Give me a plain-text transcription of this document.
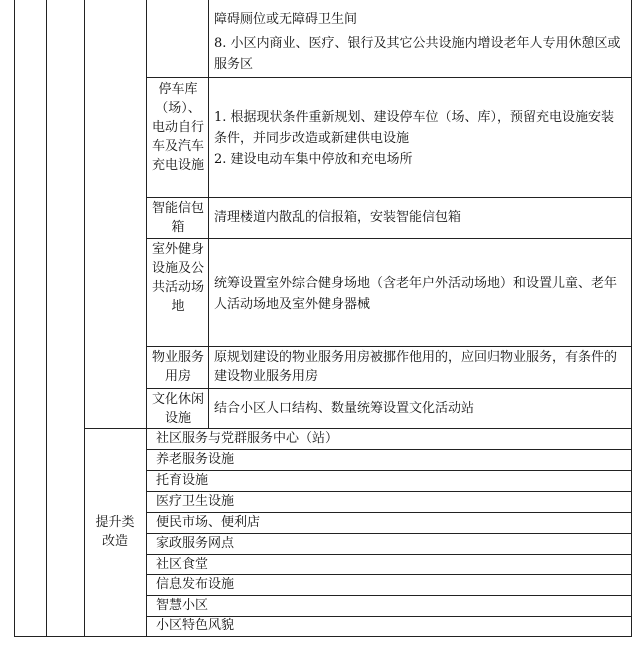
障碍厕位或无障碍卫生间
8. 小区内商业、医疗、银行及其它公共设施内增设老年人专用休憩区或服务区
停车库（场）、电动自行车及汽车充电设施
1. 根据现状条件重新规划、建设停车位（场、库），预留充电设施安装条件，并同步改造或新建供电设施
2. 建设电动车集中停放和充电场所
智能信包箱
清理楼道内散乱的信报箱，安装智能信包箱
室外健身设施及公共活动场地
统筹设置室外综合健身场地（含老年户外活动场地）和设置儿童、老年人活动场地及室外健身器械
物业服务用房
原规划建设的物业服务用房被挪作他用的，应回归物业服务，有条件的建设物业服务用房
文化休闲设施
结合小区人口结构、数量统筹设置文化活动站
提升类改造
社区服务与党群服务中心（站）
养老服务设施
托育设施
医疗卫生设施
便民市场、便利店
家政服务网点
社区食堂
信息发布设施
智慧小区
小区特色风貌
